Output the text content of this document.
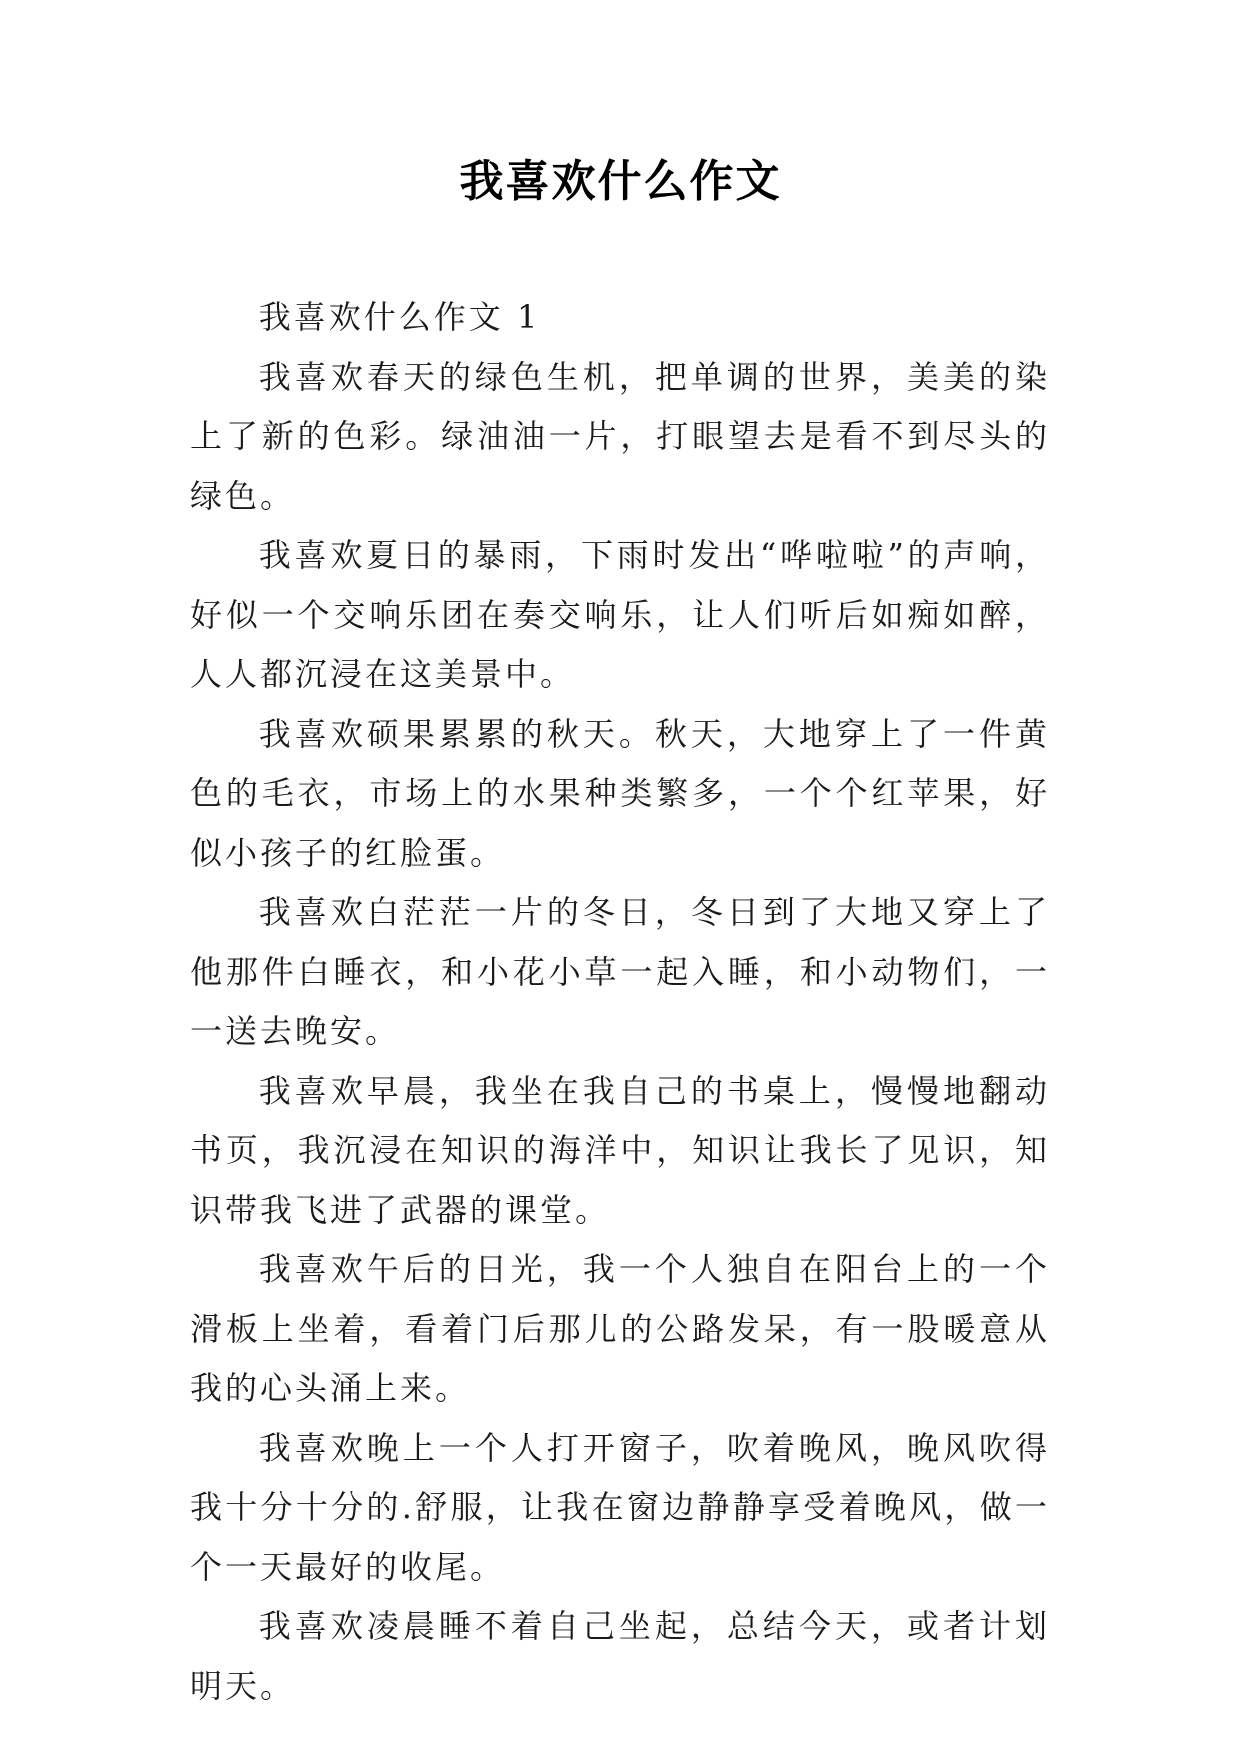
我喜欢什么作文

我喜欢什么作文 1

我喜欢春天的绿色生机，把单调的世界，美美的染上了新的色彩。绿油油一片，打眼望去是看不到尽头的绿色。

我喜欢夏日的暴雨，下雨时发出“哗啦啦”的声响，好似一个交响乐团在奏交响乐，让人们听后如痴如醉，人人都沉浸在这美景中。

我喜欢硕果累累的秋天。秋天，大地穿上了一件黄色的毛衣，市场上的水果种类繁多，一个个红苹果，好似小孩子的红脸蛋。

我喜欢白茫茫一片的冬日，冬日到了大地又穿上了他那件白睡衣，和小花小草一起入睡，和小动物们，一一送去晚安。

我喜欢早晨，我坐在我自己的书桌上，慢慢地翻动书页，我沉浸在知识的海洋中，知识让我长了见识，知识带我飞进了武器的课堂。

我喜欢午后的日光，我一个人独自在阳台上的一个滑板上坐着，看着门后那儿的公路发呆，有一股暖意从我的心头涌上来。

我喜欢晚上一个人打开窗子，吹着晚风，晚风吹得我十分十分的.舒服，让我在窗边静静享受着晚风，做一个一天最好的收尾。

我喜欢凌晨睡不着自己坐起，总结今天，或者计划明天。
